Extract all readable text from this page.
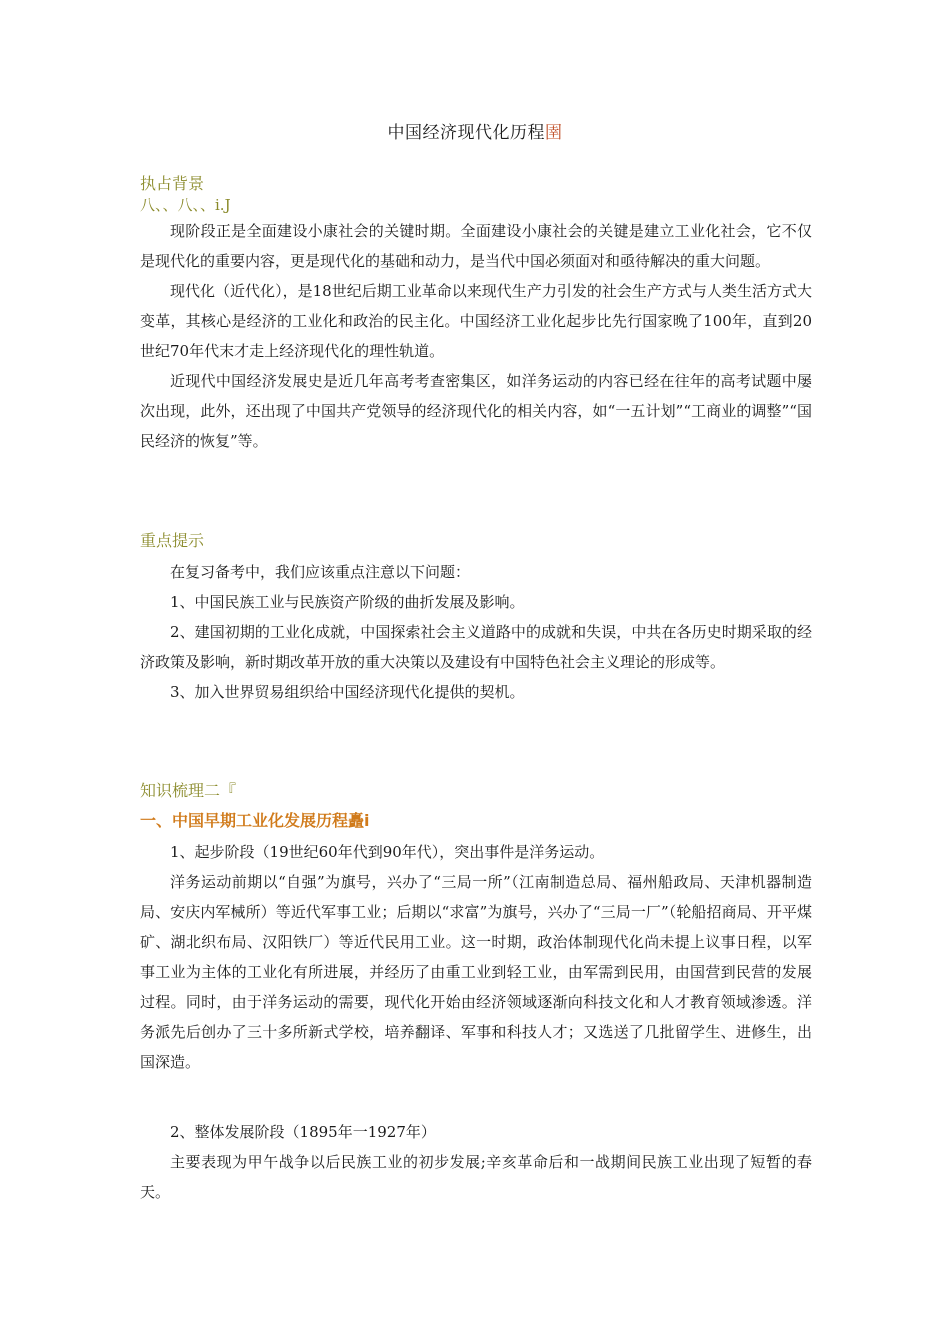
中国经济现代化历程圉
执占背景
八、、八、、i.J

现阶段正是全面建设小康社会的关键时期。全面建设小康社会的关键是建立工业化社会，它不仅是现代化的重要内容，更是现代化的基础和动力，是当代中国必须面对和亟待解决的重大问题。

现代化（近代化），是18世纪后期工业革命以来现代生产力引发的社会生产方式与人类生活方式大变革，其核心是经济的工业化和政治的民主化。中国经济工业化起步比先行国家晚了100年，直到20世纪70年代末才走上经济现代化的理性轨道。

近现代中国经济发展史是近几年高考考查密集区，如洋务运动的内容已经在往年的高考试题中屡次出现，此外，还出现了中国共产党领导的经济现代化的相关内容，如“一五计划”“工商业的调整”“国民经济的恢复”等。

重点提示

在复习备考中，我们应该重点注意以下问题：

1、中国民族工业与民族资产阶级的曲折发展及影响。

2、建国初期的工业化成就，中国探索社会主义道路中的成就和失误，中共在各历史时期采取的经济政策及影响，新时期改革开放的重大决策以及建设有中国特色社会主义理论的形成等。

3、加入世界贸易组织给中国经济现代化提供的契机。

知识梳理二『
一、中国早期工业化发展历程矗i

1、起步阶段（19世纪60年代到90年代），突出事件是洋务运动。

洋务运动前期以“自强”为旗号，兴办了“三局一所”（江南制造总局、福州船政局、天津机器制造局、安庆内军械所）等近代军事工业；后期以“求富”为旗号，兴办了“三局一厂”（轮船招商局、开平煤矿、湖北织布局、汉阳铁厂）等近代民用工业。这一时期，政治体制现代化尚未提上议事日程，以军事工业为主体的工业化有所进展，并经历了由重工业到轻工业，由军需到民用，由国营到民营的发展过程。同时，由于洋务运动的需要，现代化开始由经济领域逐渐向科技文化和人才教育领域渗透。洋务派先后创办了三十多所新式学校，培养翻译、军事和科技人才；又选送了几批留学生、进修生，出国深造。

2、整体发展阶段（1895年一1927年）

主要表现为甲午战争以后民族工业的初步发展;辛亥革命后和一战期间民族工业出现了短暂的春天。
